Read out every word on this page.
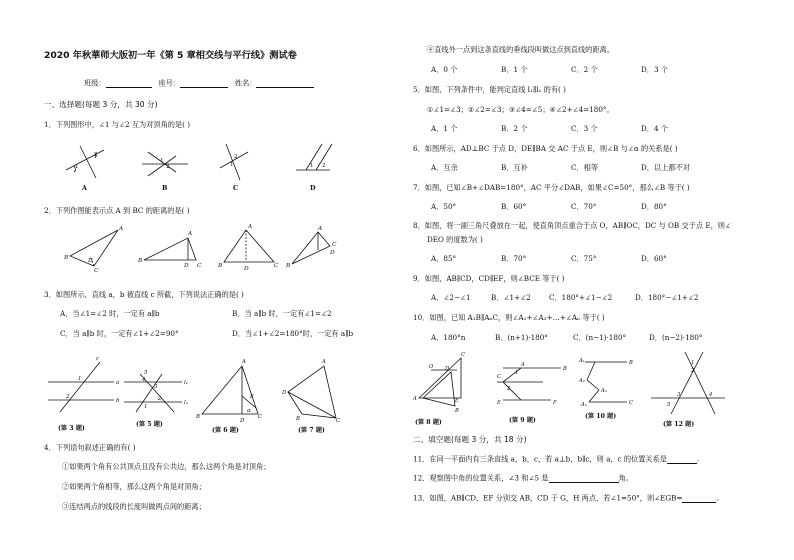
2020 年秋華师大版初一年《第 5 章相交线与平行线》测试卷
班级：	座号：	姓名：
一、选择题(每题 3 分，共 30 分)
1．下列图形中，∠1 与∠2 互为对顶角的是( )
1
2
1
2
2
1	1 2
A	B	C	D
2．下列作图能表示点 A 到 BC 的距离的是( )
A
B
C
D
A
B
D C
A
B	D	C
A
B
D
C
3．如图所示，直线 a，b 被直线 c 所截，下列说法正确的是( )
A．当∠1=∠2 时，一定有 a∥b	B．当 a∥b 时，一定有∠1=∠2
C．当 a∥b 时，一定有∠1+∠2=90°	D．当∠1+∠2=180°时，一定有 a∥b
c
a
b
1
2
5
l₁
l₂
4
3
2
1
A
B
D
C
E
α
A
D
B	C
(第 3 题)
(第 5 题)
(第 6 题)	(第 7 题)
4．下列语句叙述正确的有( )
①如果两个角有公共顶点且没有公共边，那么这两个角是对顶角；
②如果两个角相等，那么这两个角是对顶角；
③连结两点的线段的长度叫做两点间的距离；
④直线外一点到这条直线的垂线段叫做这点到直线的距离。
A．0 个	B．1 个	C．2 个	D．3 个
5．如图，下列条件中，能判定直线 l₁∥l₂ 的有( )
①∠1=∠3；②∠2=∠3；③∠4=∠5；④∠2+∠4=180°。
A．1 个	B．2 个	C．3 个	D．4 个
6．如图所示，AD⊥BC 于点 D，DE∥BA 交 AC 于点 E，则∠B 与∠α 的关系是( )
A．互余	B．互补	C．相等	D．以上都不对
7．如图，已知∠B+∠DAB=180°，AC 平分∠DAB，如果∠C=50°，那么∠B 等于( )
A．50°	B．60°	C．70°	D．80°
8．如图，将一副三角尺叠放在一起，使直角顶点重合于点 O，AB∥OC，DC 与 OB 交于点 E，则∠
DEO 的度数为( )
A．85°	B．70°	C．75°	D．60°
9．如图，AB∥CD，CD∥EF，则∠BCE 等于( )
A．∠2−∠1	B．∠1+∠2	C．180°+∠1−∠2	D．180°−∠1+∠2
10．如图，已知 A₁B∥AₙC，则∠A₁+∠A₂+…+∠Aₙ 等于( )
A．180°n	B．(n+1)·180°	C．(n−1)·180°	D．(n−2)·180°
C
A
O
E
B
D	B
C
A
E	F
2
1
A₁
A₂
A₃
Aₙ
B
C
1
2
3	4
5
(第 8 题)	(第 9 题)
(第 10 题)
(第 12 题)
二、填空题(每题 3 分，共 18 分)
11．在同一平面内有三条直线 a，b，c，若 a⊥b，b∥c，则 a，c 的位置关系是	.
12．观察图中角的位置关系，∠3 和∠5 是	角。
13．如图，AB∥CD，EF 分别交 AB，CD 于 G，H 两点，若∠1=50°，则∠EGB=	.
